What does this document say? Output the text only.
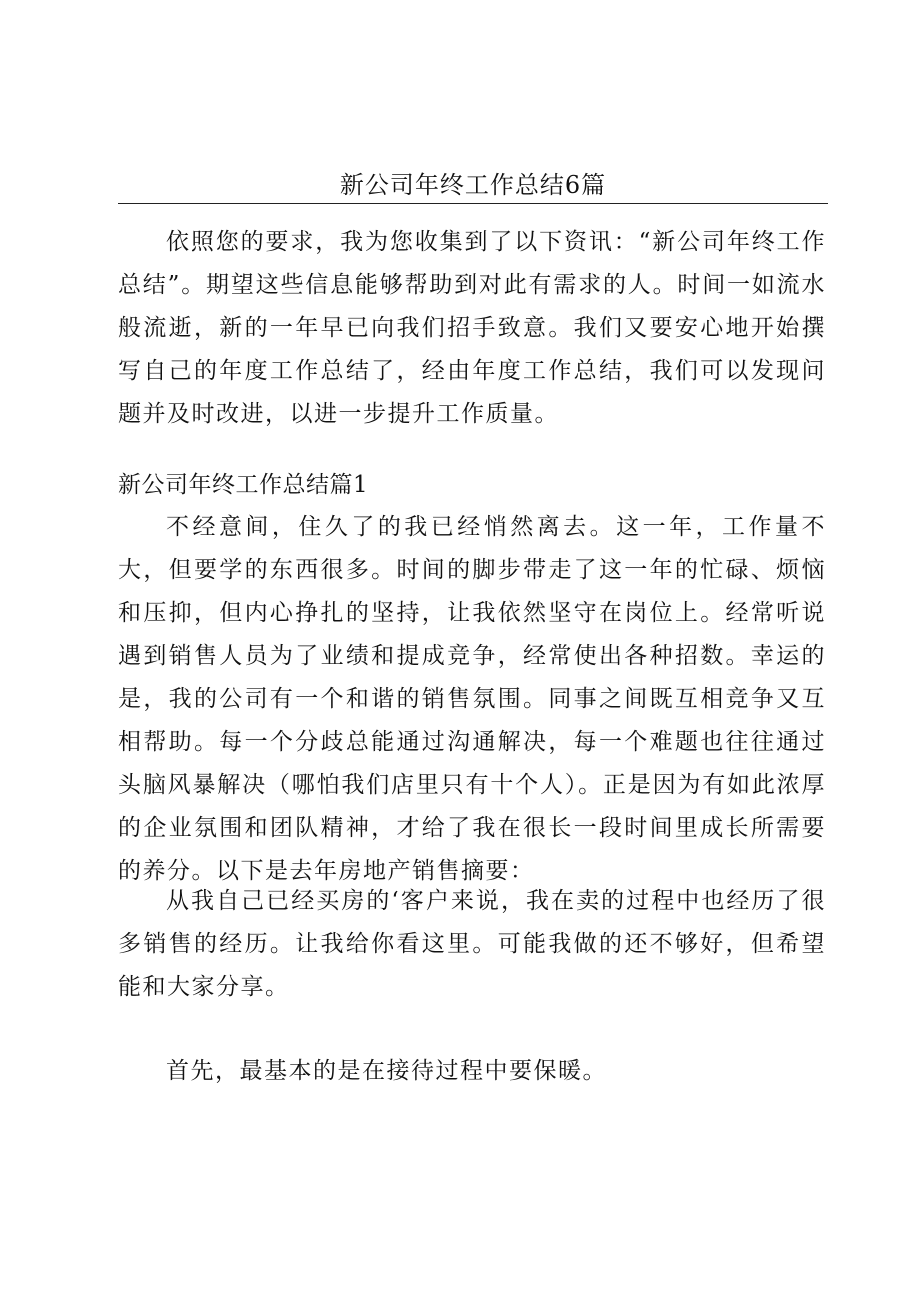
新公司年终工作总结6篇

依照您的要求，我为您收集到了以下资讯：“新公司年终工作总结”。期望这些信息能够帮助到对此有需求的人。时间一如流水般流逝，新的一年早已向我们招手致意。我们又要安心地开始撰写自己的年度工作总结了，经由年度工作总结，我们可以发现问题并及时改进，以进一步提升工作质量。

新公司年终工作总结篇1

不经意间，住久了的我已经悄然离去。这一年，工作量不大，但要学的东西很多。时间的脚步带走了这一年的忙碌、烦恼和压抑，但内心挣扎的坚持，让我依然坚守在岗位上。经常听说遇到销售人员为了业绩和提成竞争，经常使出各种招数。幸运的是，我的公司有一个和谐的销售氛围。同事之间既互相竞争又互相帮助。每一个分歧总能通过沟通解决，每一个难题也往往通过头脑风暴解决（哪怕我们店里只有十个人）。正是因为有如此浓厚的企业氛围和团队精神，才给了我在很长一段时间里成长所需要的养分。以下是去年房地产销售摘要：

从我自己已经买房的‘客户来说，我在卖的过程中也经历了很多销售的经历。让我给你看这里。可能我做的还不够好，但希望能和大家分享。

首先，最基本的是在接待过程中要保暖。
